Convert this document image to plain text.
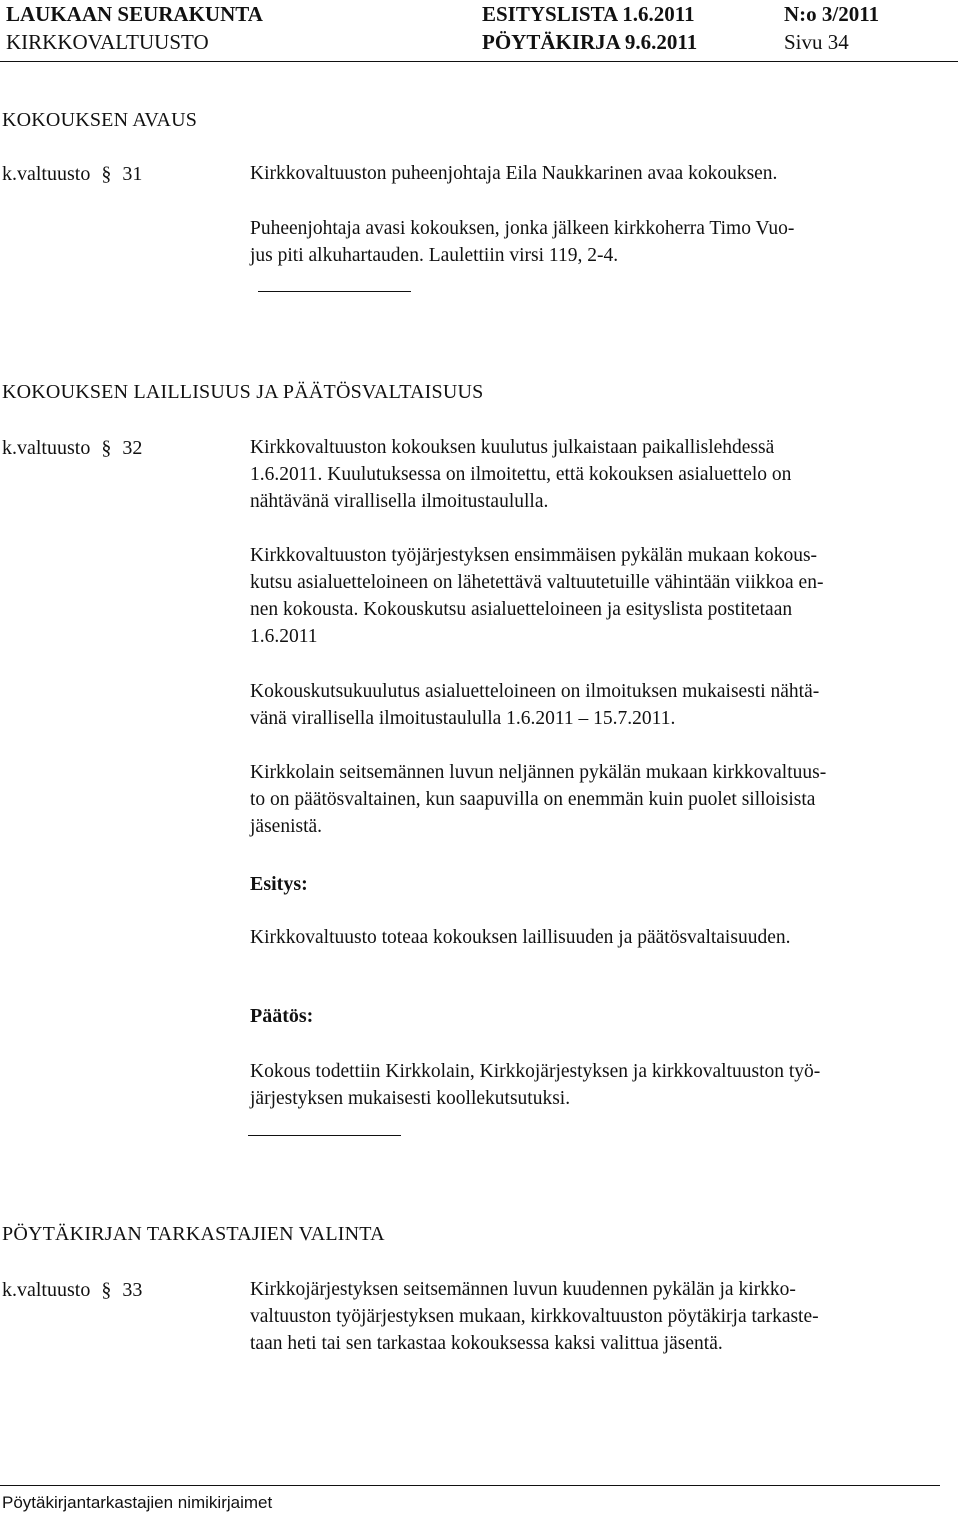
LAUKAAN SEURAKUNTA	ESITYSLISTA 1.6.2011	N:o 3/2011
KIRKKOVALTUUSTO	PÖYTÄKIRJA 9.6.2011	Sivu 34
KOKOUKSEN AVAUS
k.valtuusto § 31	Kirkkovaltuuston puheenjohtaja Eila Naukkarinen avaa kokouksen.
Puheenjohtaja avasi kokouksen, jonka jälkeen kirkkoherra Timo Vuo-
jus piti alkuhartauden. Laulettiin virsi 119, 2-4.
KOKOUKSEN LAILLISUUS JA PÄÄTÖSVALTAISUUS
k.valtuusto § 32	Kirkkovaltuuston kokouksen kuulutus julkaistaan paikallislehdessä
1.6.2011. Kuulutuksessa on ilmoitettu, että kokouksen asialuettelo on
nähtävänä virallisella ilmoitustaululla.
Kirkkovaltuuston työjärjestyksen ensimmäisen pykälän mukaan kokous-
kutsu asialuetteloineen on lähetettävä valtuutetuille vähintään viikkoa en-
nen kokousta. Kokouskutsu asialuetteloineen ja esityslista postitetaan
1.6.2011
Kokouskutsukuulutus asialuetteloineen on ilmoituksen mukaisesti nähtä-
vänä virallisella ilmoitustaululla 1.6.2011 – 15.7.2011.
Kirkkolain seitsemännen luvun neljännen pykälän mukaan kirkkovaltuus-
to on päätösvaltainen, kun saapuvilla on enemmän kuin puolet silloisista
jäsenistä.
Esitys:
Kirkkovaltuusto toteaa kokouksen laillisuuden ja päätösvaltaisuuden.
Päätös:
Kokous todettiin Kirkkolain, Kirkkojärjestyksen ja kirkkovaltuuston työ-
järjestyksen mukaisesti koollekutsutuksi.
PÖYTÄKIRJAN TARKASTAJIEN VALINTA
k.valtuusto § 33	Kirkkojärjestyksen seitsemännen luvun kuudennen pykälän ja kirkko-
valtuuston työjärjestyksen mukaan, kirkkovaltuuston pöytäkirja tarkaste-
taan heti tai sen tarkastaa kokouksessa kaksi valittua jäsentä.
Pöytäkirjantarkastajien nimikirjaimet
